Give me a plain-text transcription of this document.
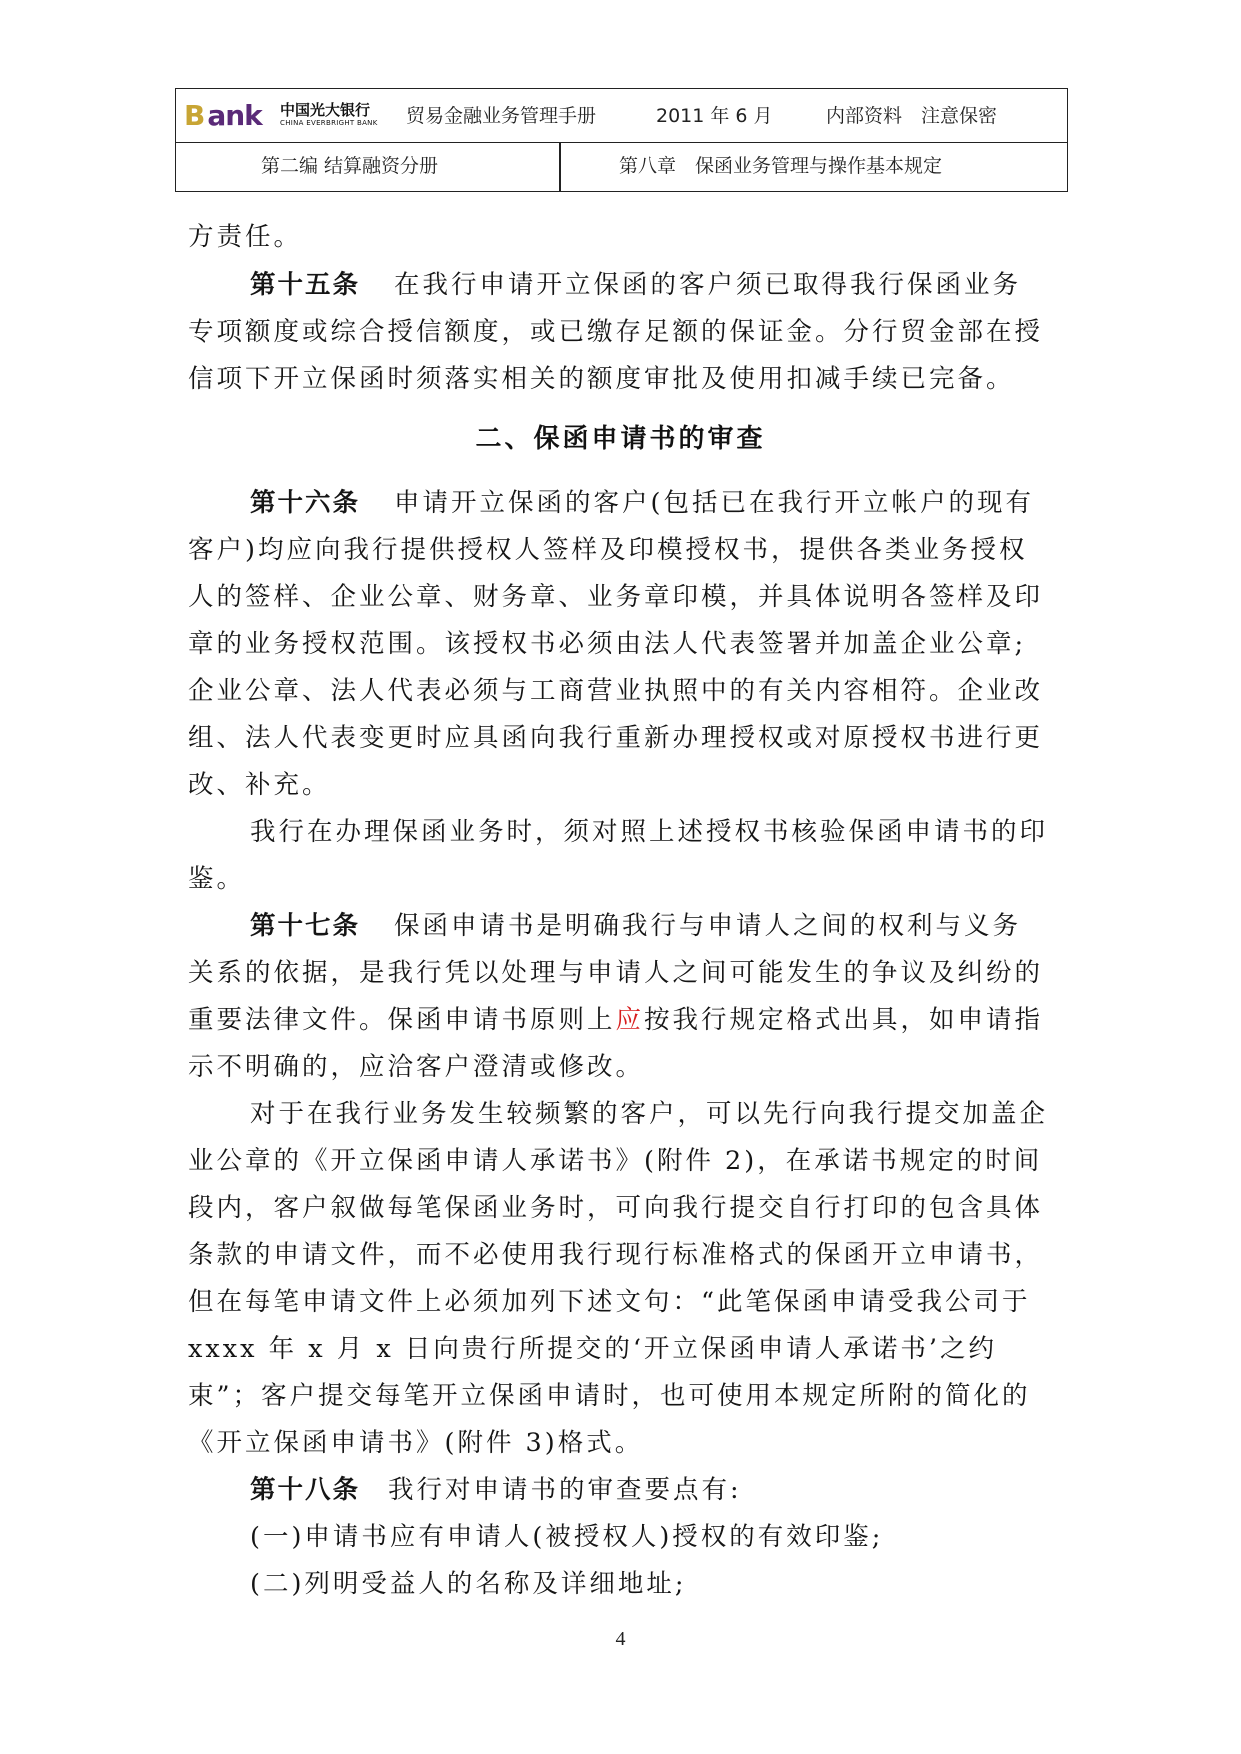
Bank 中国光大银行
CHINA EVERBRIGHT BANK 贸易金融业务管理手册	2011 年 6 月	内部资料　注意保密
第二编 结算融资分册	第八章　保函业务管理与操作基本规定
方责任。
第十五条 在我行申请开立保函的客户须已取得我行保函业务
专项额度或综合授信额度，或已缴存足额的保证金。分行贸金部在授
信项下开立保函时须落实相关的额度审批及使用扣减手续已完备。
二、保函申请书的审查
第十六条 申请开立保函的客户(包括已在我行开立帐户的现有
客户)均应向我行提供授权人签样及印模授权书，提供各类业务授权
人的签样、企业公章、财务章、业务章印模，并具体说明各签样及印
章的业务授权范围。该授权书必须由法人代表签署并加盖企业公章;
企业公章、法人代表必须与工商营业执照中的有关内容相符。企业改
组、法人代表变更时应具函向我行重新办理授权或对原授权书进行更
改、补充。
我行在办理保函业务时，须对照上述授权书核验保函申请书的印
鉴。
第十七条 保函申请书是明确我行与申请人之间的权利与义务
关系的依据，是我行凭以处理与申请人之间可能发生的争议及纠纷的
重要法律文件。保函申请书原则上应按我行规定格式出具，如申请指
示不明确的，应洽客户澄清或修改。
对于在我行业务发生较频繁的客户，可以先行向我行提交加盖企
业公章的《开立保函申请人承诺书》(附件 2)，在承诺书规定的时间
段内，客户叙做每笔保函业务时，可向我行提交自行打印的包含具体
条款的申请文件，而不必使用我行现行标准格式的保函开立申请书，
但在每笔申请文件上必须加列下述文句：“此笔保函申请受我公司于
xxxx 年 x 月 x 日向贵行所提交的‘开立保函申请人承诺书’之约
束”；客户提交每笔开立保函申请时，也可使用本规定所附的简化的
《开立保函申请书》(附件 3)格式。
第十八条 我行对申请书的审查要点有:
(一)申请书应有申请人(被授权人)授权的有效印鉴;
(二)列明受益人的名称及详细地址;
4
